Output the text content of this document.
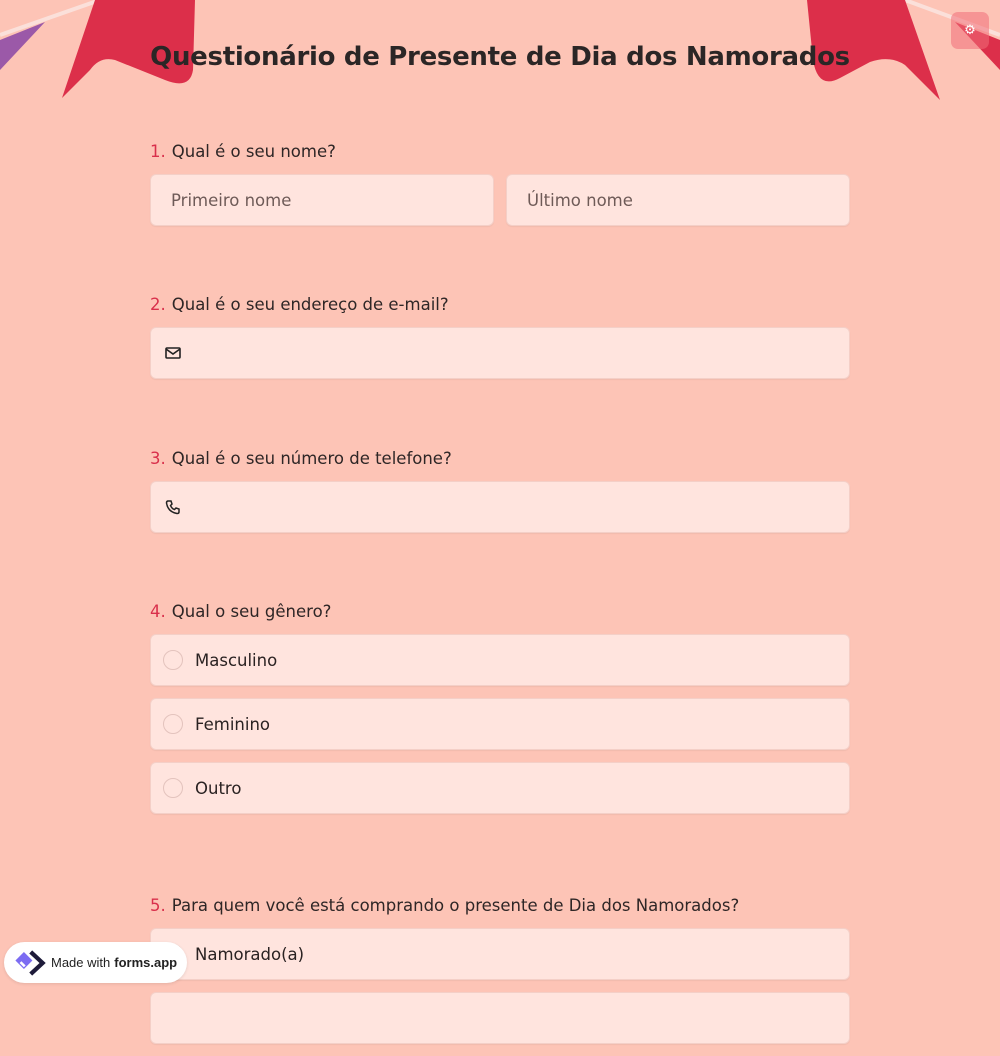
⚙
Questionário de Presente de Dia dos Namorados
1. Qual é o seu nome?
Primeiro nome	Último nome
2. Qual é o seu endereço de e-mail?
3. Qual é o seu número de telefone?
4. Qual o seu gênero?
Masculino
Feminino
Outro
5. Para quem você está comprando o presente de Dia dos Namorados?
Namorado(a)
Made with forms.app
